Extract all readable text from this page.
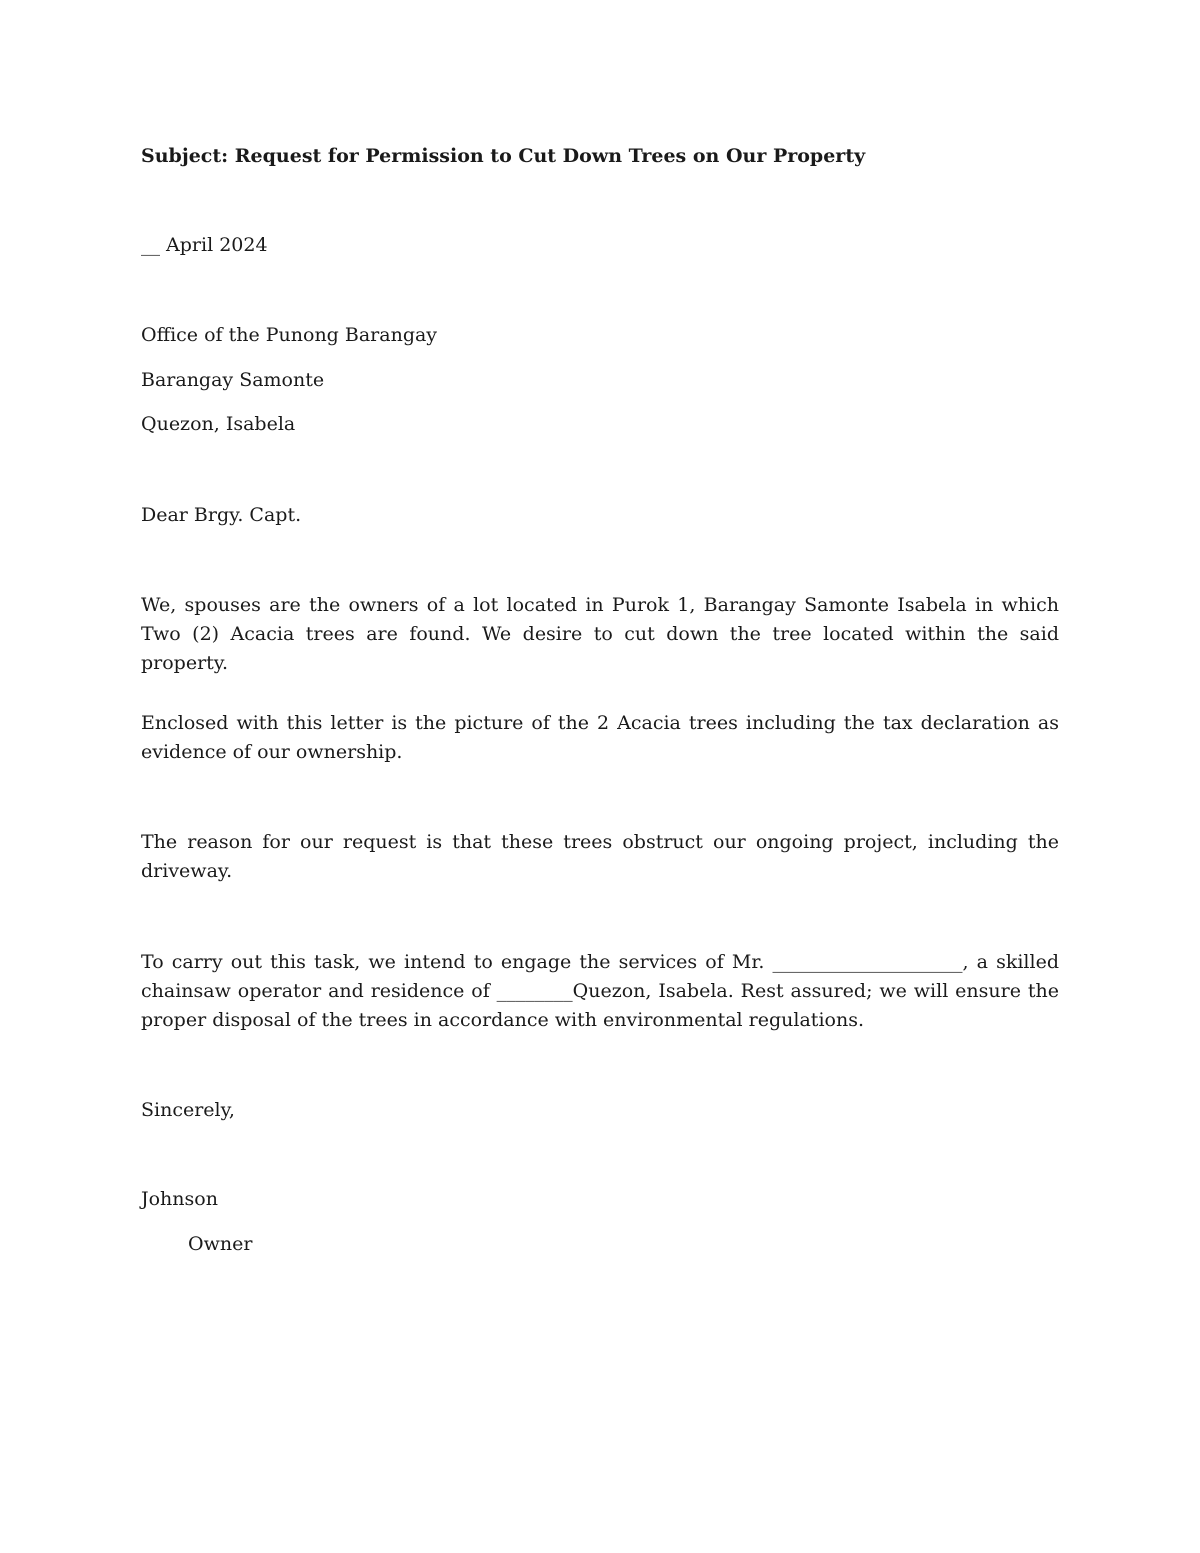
Subject: Request for Permission to Cut Down Trees on Our Property
__ April 2024
Office of the Punong Barangay
Barangay Samonte
Quezon, Isabela
Dear Brgy. Capt.
We, spouses are the owners of a lot located in Purok 1, Barangay Samonte Isabela in which Two (2) Acacia trees are found. We desire to cut down the tree located within the said property.
Enclosed with this letter is the picture of the 2 Acacia trees including the tax declaration as evidence of our ownership.
The reason for our request is that these trees obstruct our ongoing project, including the driveway.
To carry out this task, we intend to engage the services of Mr. ____________________, a skilled chainsaw operator and residence of ________Quezon, Isabela. Rest assured; we will ensure the proper disposal of the trees in accordance with environmental regulations.
Sincerely,
Johnson
Owner
